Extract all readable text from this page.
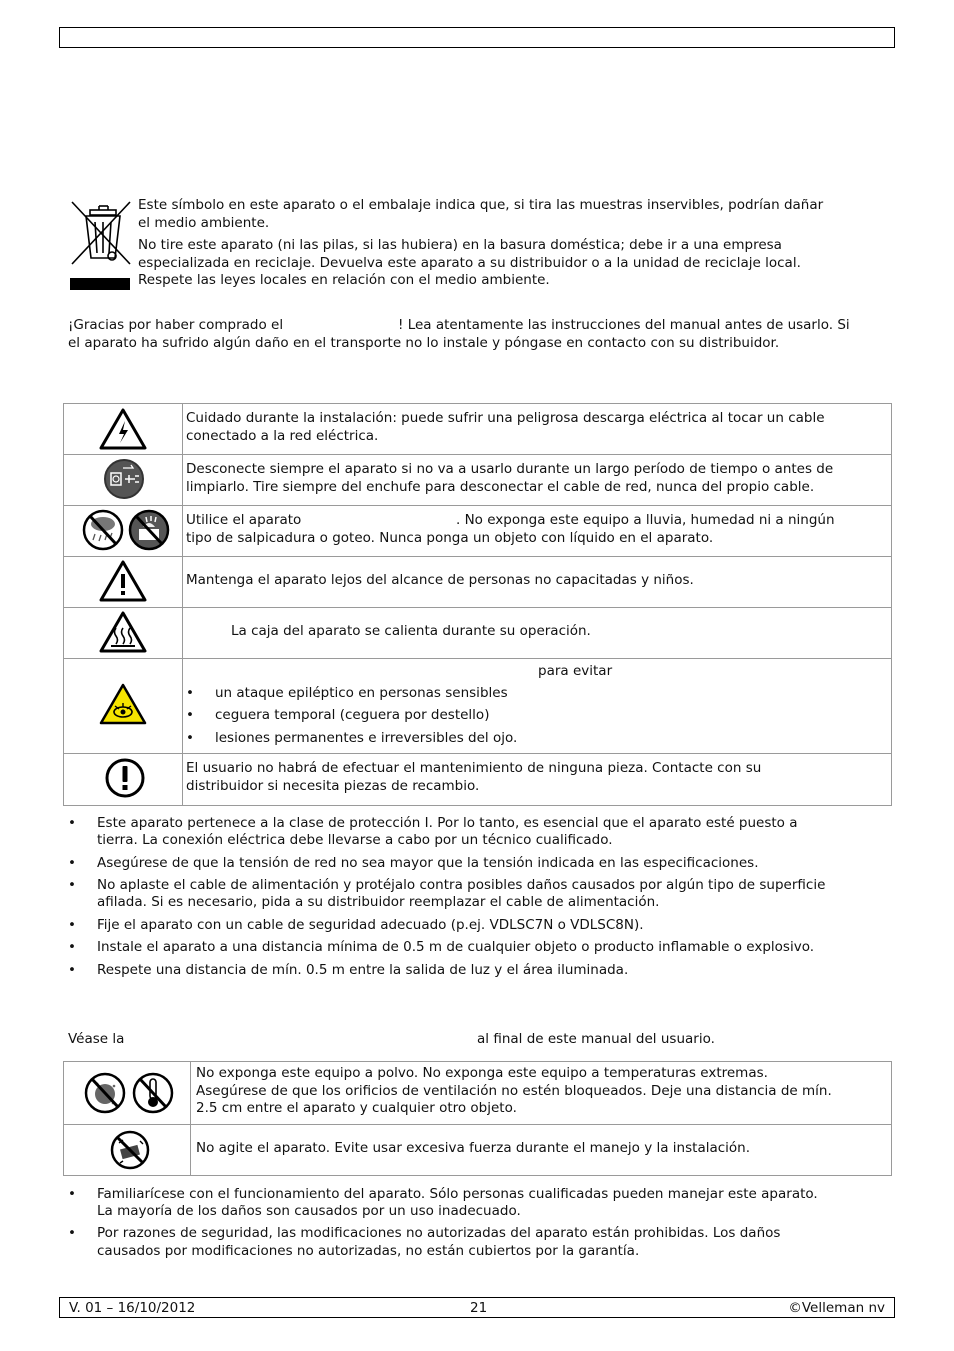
Este símbolo en este aparato o el embalaje indica que, si tira las muestras inservibles, podrían dañar
el medio ambiente.
No tire este aparato (ni las pilas, si las hubiera) en la basura doméstica; debe ir a una empresa
especializada en reciclaje. Devuelva este aparato a su distribuidor o a la unidad de reciclaje local.
Respete las leyes locales en relación con el medio ambiente.
¡Gracias por haber comprado el	! Lea atentamente las instrucciones del manual antes de usarlo. Si
el aparato ha sufrido algún daño en el transporte no lo instale y póngase en contacto con su distribuidor.
Cuidado durante la instalación: puede sufrir una peligrosa descarga eléctrica al tocar un cable
conectado a la red eléctrica.
Desconecte siempre el aparato si no va a usarlo durante un largo período de tiempo o antes de
limpiarlo. Tire siempre del enchufe para desconectar el cable de red, nunca del propio cable.
Utilice el aparato	. No exponga este equipo a lluvia, humedad ni a ningún
tipo de salpicadura o goteo. Nunca ponga un objeto con líquido en el aparato.
Mantenga el aparato lejos del alcance de personas no capacitadas y niños.
La caja del aparato se calienta durante su operación.
para evitar
• un ataque epiléptico en personas sensibles
• ceguera temporal (ceguera por destello)
• lesiones permanentes e irreversibles del ojo.
El usuario no habrá de efectuar el mantenimiento de ninguna pieza. Contacte con su
distribuidor si necesita piezas de recambio.
• Este aparato pertenece a la clase de protección I. Por lo tanto, es esencial que el aparato esté puesto a
tierra. La conexión eléctrica debe llevarse a cabo por un técnico cualificado.
• Asegúrese de que la tensión de red no sea mayor que la tensión indicada en las especificaciones.
• No aplaste el cable de alimentación y protéjalo contra posibles daños causados por algún tipo de superficie
afilada. Si es necesario, pida a su distribuidor reemplazar el cable de alimentación.
• Fije el aparato con un cable de seguridad adecuado (p.ej. VDLSC7N o VDLSC8N).
• Instale el aparato a una distancia mínima de 0.5 m de cualquier objeto o producto inflamable o explosivo.
• Respete una distancia de mín. 0.5 m entre la salida de luz y el área iluminada.
Véase la	al final de este manual del usuario.
No exponga este equipo a polvo. No exponga este equipo a temperaturas extremas.
Asegúrese de que los orificios de ventilación no estén bloqueados. Deje una distancia de mín.
2.5 cm entre el aparato y cualquier otro objeto.
No agite el aparato. Evite usar excesiva fuerza durante el manejo y la instalación.
• Familiarícese con el funcionamiento del aparato. Sólo personas cualificadas pueden manejar este aparato.
La mayoría de los daños son causados por un uso inadecuado.
• Por razones de seguridad, las modificaciones no autorizadas del aparato están prohibidas. Los daños
causados por modificaciones no autorizadas, no están cubiertos por la garantía.
V. 01 – 16/10/2012	21	©Velleman nv
